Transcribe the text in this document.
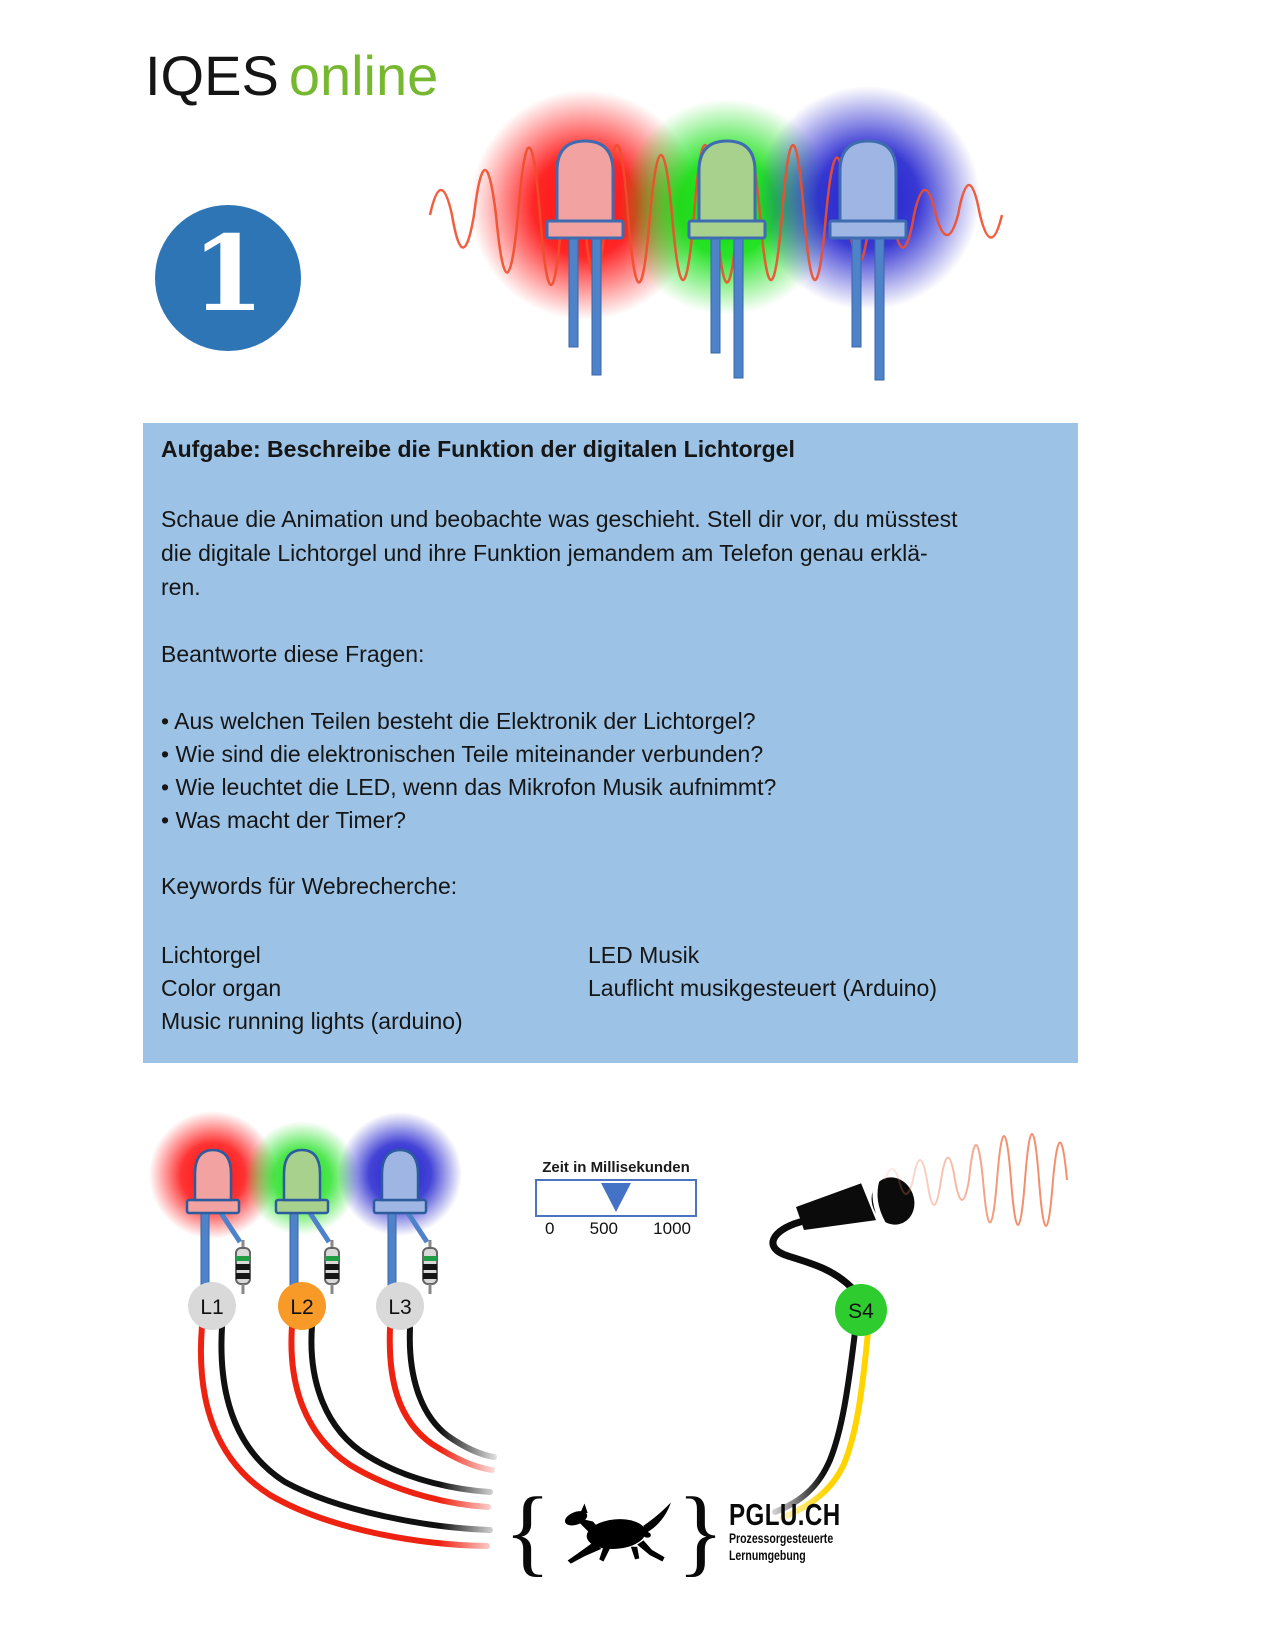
IQES online
1
Aufgabe: Beschreibe die Funktion der digitalen Lichtorgel
Schaue die Animation und beobachte was geschieht. Stell dir vor, du müsstest
die digitale Lichtorgel und ihre Funktion jemandem am Telefon genau erklä-
ren.
Beantworte diese Fragen:
• Aus welchen Teilen besteht die Elektronik der Lichtorgel?
• Wie sind die elektronischen Teile miteinander verbunden?
• Wie leuchtet die LED, wenn das Mikrofon Musik aufnimmt?
• Was macht der Timer?
Keywords für Webrecherche:
Lichtorgel	LED Musik
Color organ	Lauflicht musikgesteuert (Arduino)
Music running lights (arduino)
L1	L2	L3	S4
Zeit in Millisekunden
0 500 1000
{ } PGLU.CH
Prozessorgesteuerte
Lernumgebung
